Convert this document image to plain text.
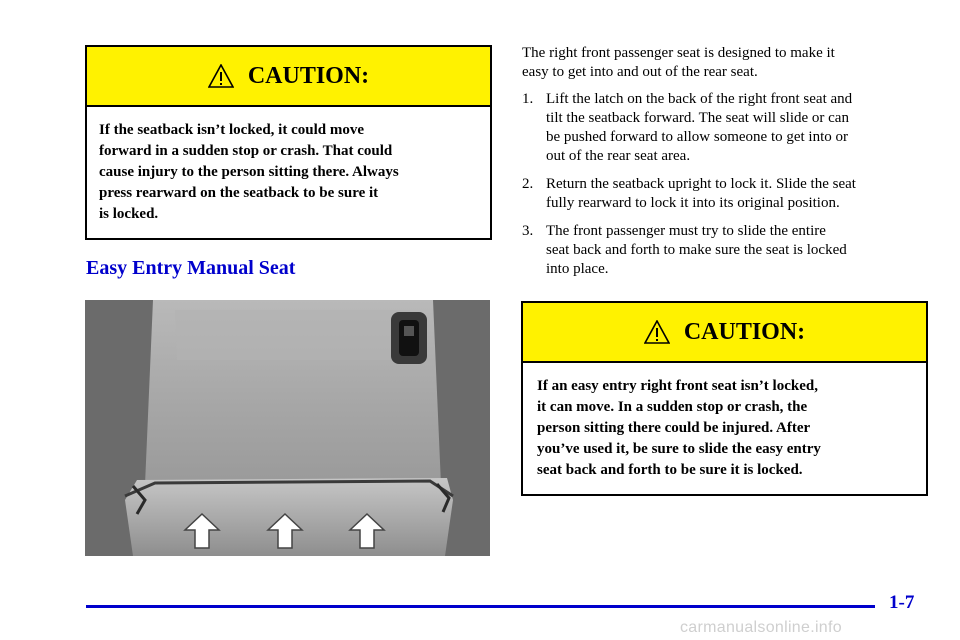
CAUTION:
If the seatback isn’t locked, it could move
forward in a sudden stop or crash. That could
cause injury to the person sitting there. Always
press rearward on the seatback to be sure it
is locked.
Easy Entry Manual Seat
The right front passenger seat is designed to make it
easy to get into and out of the rear seat.
1. Lift the latch on the back of the right front seat and
tilt the seatback forward. The seat will slide or can
be pushed forward to allow someone to get into or
out of the rear seat area.
2. Return the seatback upright to lock it. Slide the seat
fully rearward to lock it into its original position.
3. The front passenger must try to slide the entire
seat back and forth to make sure the seat is locked
into place.
CAUTION:
If an easy entry right front seat isn’t locked,
it can move. In a sudden stop or crash, the
person sitting there could be injured. After
you’ve used it, be sure to slide the easy entry
seat back and forth to be sure it is locked.
1-7
carmanualsonline.info
